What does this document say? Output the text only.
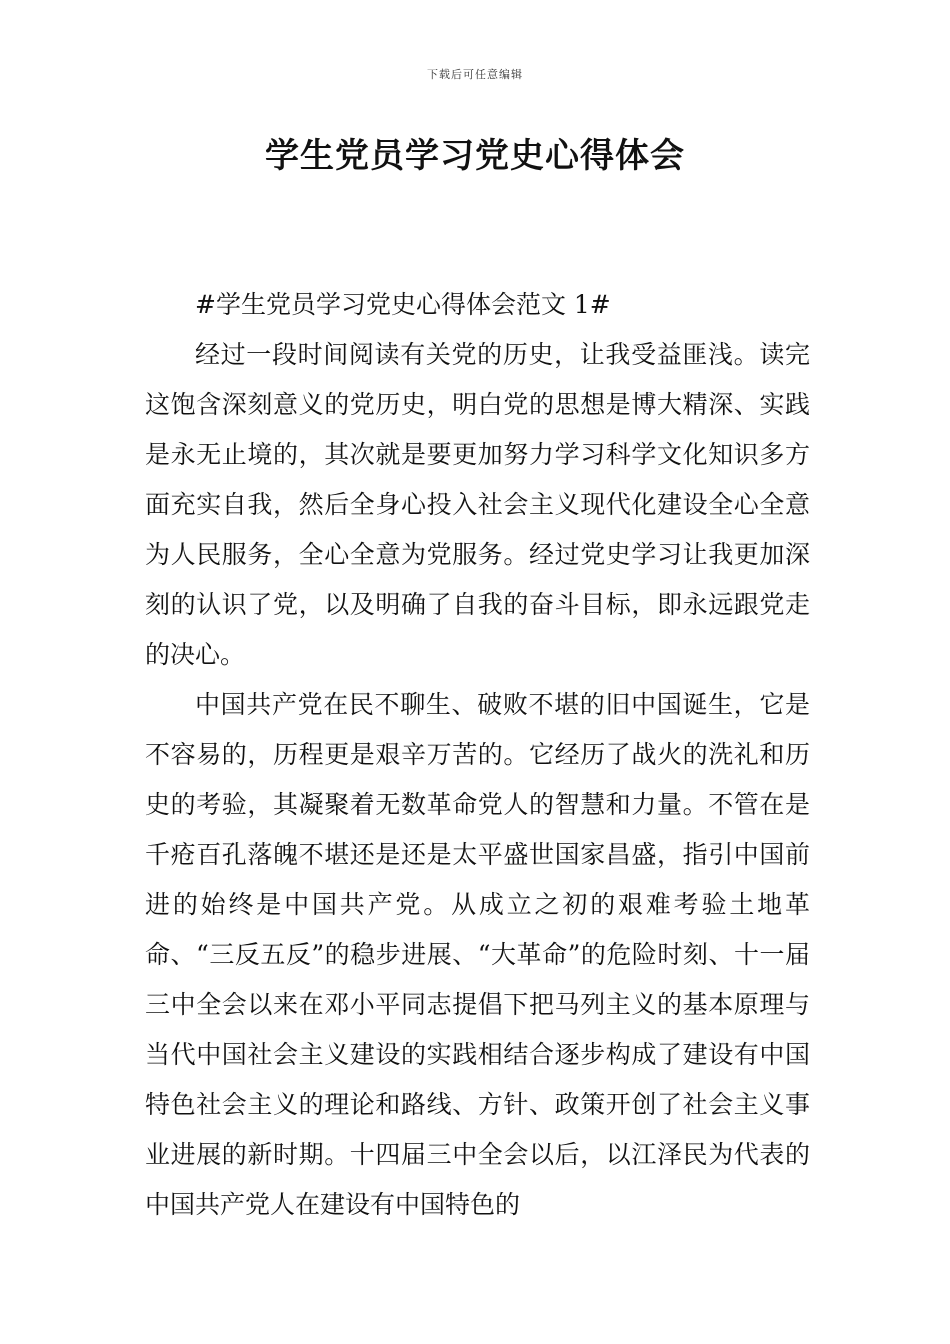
下载后可任意编辑
学生党员学习党史心得体会

#学生党员学习党史心得体会范文 1#

经过一段时间阅读有关党的历史，让我受益匪浅。读完这饱含深刻意义的党历史，明白党的思想是博大精深、实践是永无止境的，其次就是要更加努力学习科学文化知识多方面充实自我，然后全身心投入社会主义现代化建设全心全意为人民服务，全心全意为党服务。经过党史学习让我更加深刻的认识了党，以及明确了自我的奋斗目标，即永远跟党走的决心。

中国共产党在民不聊生、破败不堪的旧中国诞生，它是不容易的，历程更是艰辛万苦的。它经历了战火的洗礼和历史的考验，其凝聚着无数革命党人的智慧和力量。不管在是千疮百孔落魄不堪还是还是太平盛世国家昌盛，指引中国前进的始终是中国共产党。从成立之初的艰难考验土地革命、“三反五反”的稳步进展、“大革命”的危险时刻、十一届三中全会以来在邓小平同志提倡下把马列主义的基本原理与当代中国社会主义建设的实践相结合逐步构成了建设有中国特色社会主义的理论和路线、方针、政策开创了社会主义事业进展的新时期。十四届三中全会以后，以江泽民为代表的中国共产党人在建设有中国特色的
